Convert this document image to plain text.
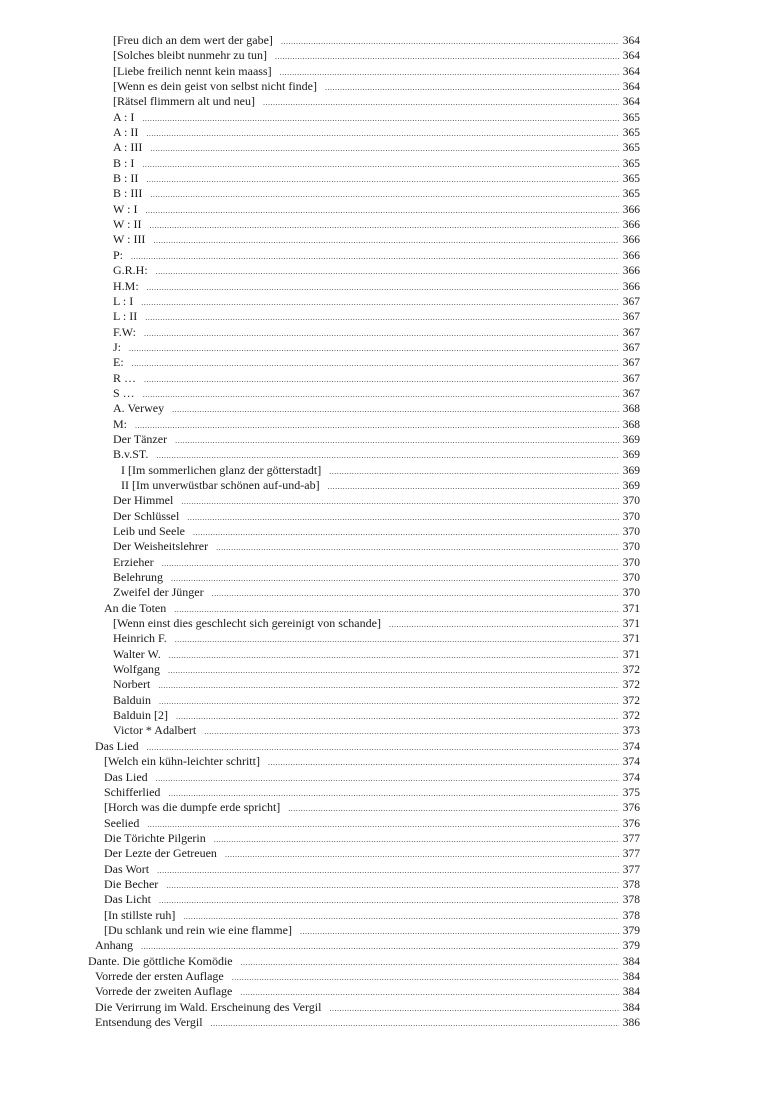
[Freu dich an dem wert der gabe] .....	364
[Solches bleibt nunmehr zu tun] .....	364
[Liebe freilich nennt kein maass] .....	364
[Wenn es dein geist von selbst nicht finde] .....	364
[Rätsel flimmern alt und neu] .....	364
A : I .....	365
A : II .....	365
A : III .....	365
B : I .....	365
B : II .....	365
B : III .....	365
W : I .....	366
W : II .....	366
W : III .....	366
P: .....	366
G.R.H: .....	366
H.M: .....	366
L : I .....	367
L : II .....	367
F.W: .....	367
J: .....	367
E: .....	367
R … .....	367
S … .....	367
A. Verwey .....	368
M: .....	368
Der Tänzer .....	369
B.v.ST. .....	369
I [Im sommerlichen glanz der götterstadt] .....	369
II [Im unverwüstbar schönen auf-und-ab] .....	369
Der Himmel .....	370
Der Schlüssel .....	370
Leib und Seele .....	370
Der Weisheitslehrer .....	370
Erzieher .....	370
Belehrung .....	370
Zweifel der Jünger .....	370
An die Toten .....	371
[Wenn einst dies geschlecht sich gereinigt von schande] .....	371
Heinrich F. .....	371
Walter W. .....	371
Wolfgang .....	372
Norbert .....	372
Balduin .....	372
Balduin [2] .....	372
Victor * Adalbert .....	373
Das Lied .....	374
[Welch ein kühn-leichter schritt] .....	374
Das Lied .....	374
Schifferlied .....	375
[Horch was die dumpfe erde spricht] .....	376
Seelied .....	376
Die Törichte Pilgerin .....	377
Der Lezte der Getreuen .....	377
Das Wort .....	377
Die Becher .....	378
Das Licht .....	378
[In stillste ruh] .....	378
[Du schlank und rein wie eine flamme] .....	379
Anhang .....	379
Dante. Die göttliche Komödie .....	384
Vorrede der ersten Auflage .....	384
Vorrede der zweiten Auflage .....	384
Die Verirrung im Wald. Erscheinung des Vergil .....	384
Entsendung des Vergil .....	386
